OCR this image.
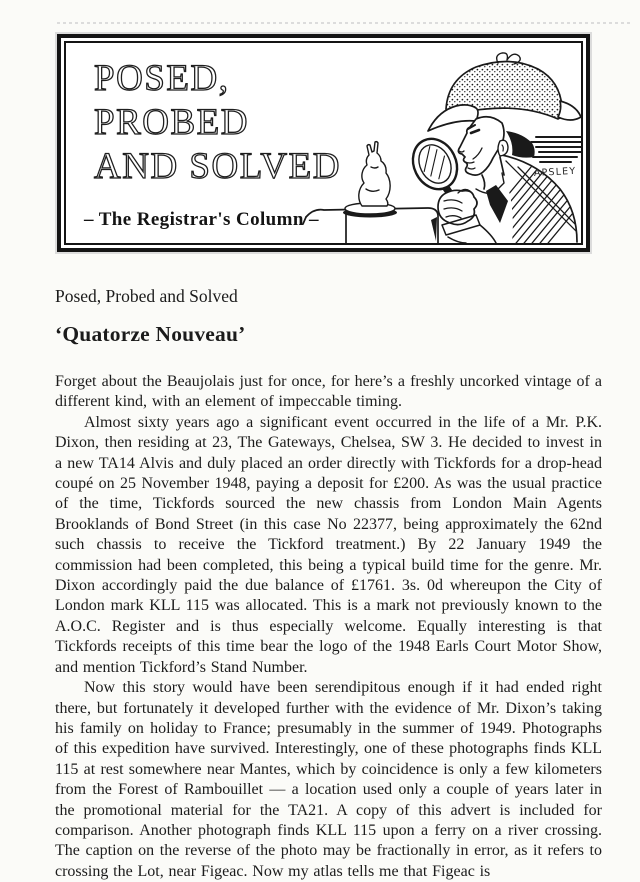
APSLEY
POSED,
PROBED
AND SOLVED
– The Registrar's Column –

Posed, Probed and Solved

‘Quatorze Nouveau’

Forget about the Beaujolais just for once, for here’s a freshly uncorked vintage of a different kind, with an element of impeccable timing.

Almost sixty years ago a significant event occurred in the life of a Mr. P.K. Dixon, then residing at 23, The Gateways, Chelsea, SW 3. He decided to invest in a new TA14 Alvis and duly placed an order directly with Tickfords for a drop-head coupé on 25 November 1948, paying a deposit for £200. As was the usual practice of the time, Tickfords sourced the new chassis from London Main Agents Brooklands of Bond Street (in this case No 22377, being approximately the 62nd such chassis to receive the Tickford treatment.) By 22 January 1949 the commission had been completed, this being a typical build time for the genre. Mr. Dixon accordingly paid the due balance of £1761. 3s. 0d whereupon the City of London mark KLL 115 was allocated. This is a mark not previously known to the A.O.C. Register and is thus especially welcome. Equally interesting is that Tickfords receipts of this time bear the logo of the 1948 Earls Court Motor Show, and mention Tickford’s Stand Number.

Now this story would have been serendipitous enough if it had ended right there, but fortunately it developed further with the evidence of Mr. Dixon’s taking his family on holiday to France; presumably in the summer of 1949. Photographs of this expedition have survived. Interestingly, one of these photographs finds KLL 115 at rest somewhere near Mantes, which by coincidence is only a few kilometers from the Forest of Rambouillet — a location used only a couple of years later in the promotional material for the TA21. A copy of this advert is included for comparison. Another photograph finds KLL 115 upon a ferry on a river crossing. The caption on the reverse of the photo may be fractionally in error, as it refers to crossing the Lot, near Figeac. Now my atlas tells me that Figeac is
